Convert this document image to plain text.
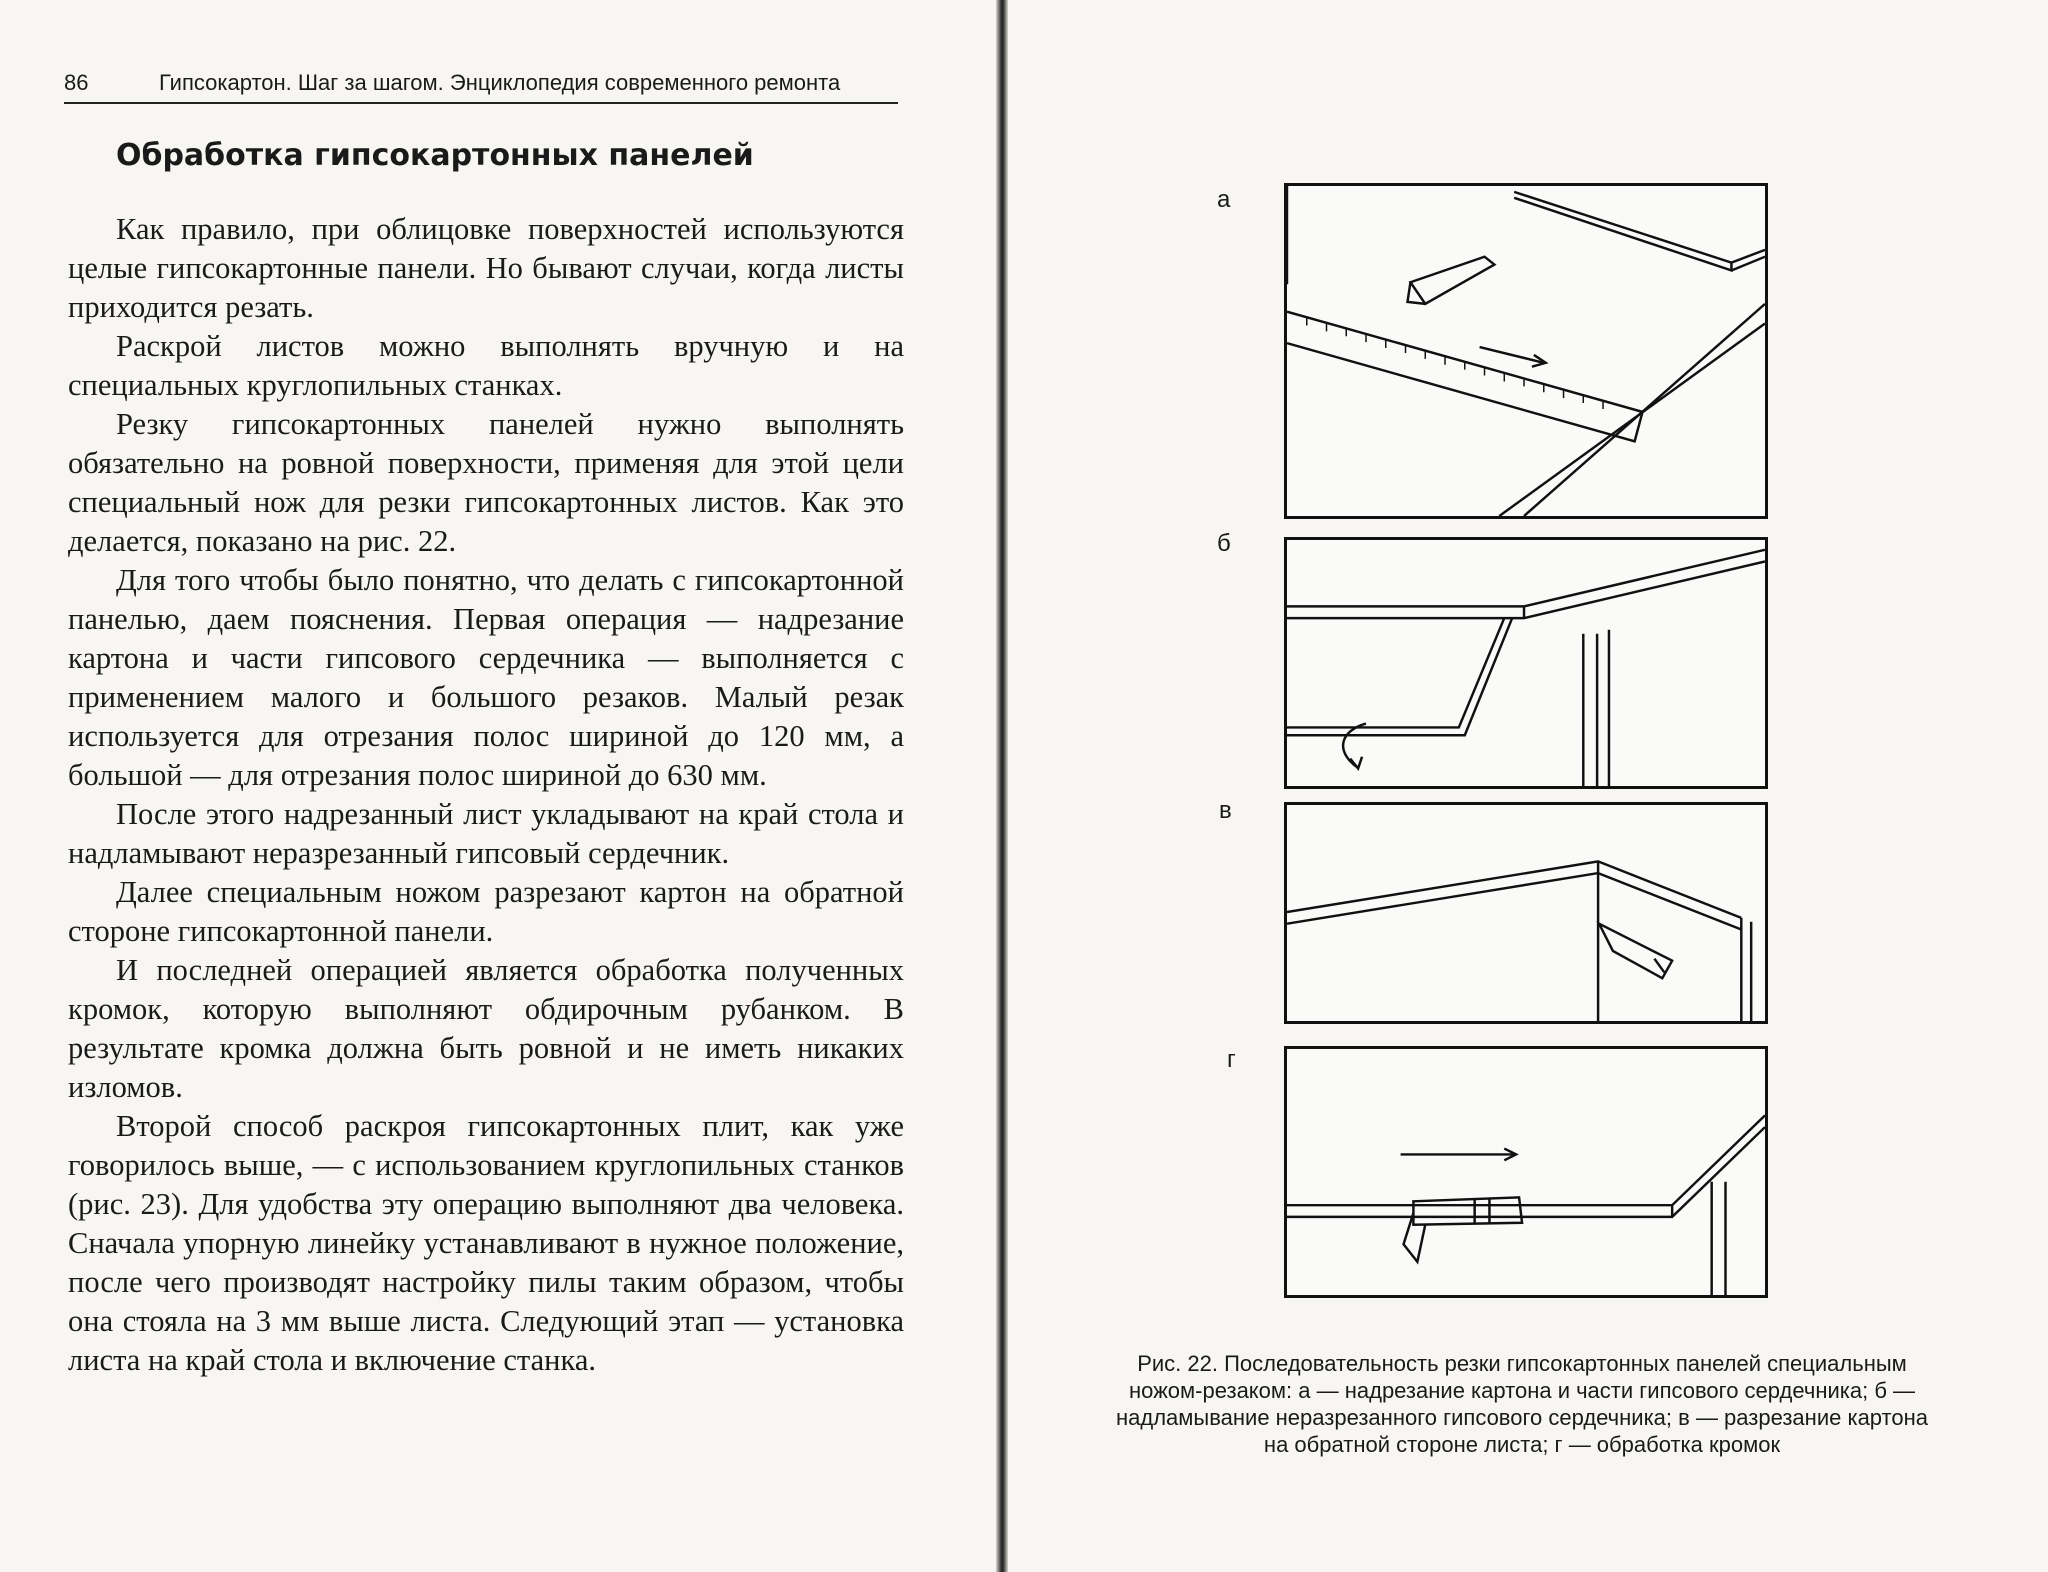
86	Гипсокартон. Шаг за шагом. Энциклопедия современного ремонта
Обработка гипсокартонных панелей

Как правило, при облицовке поверхностей используются целые гипсокартонные панели. Но бывают случаи, когда листы приходится резать.

Раскрой листов можно выполнять вручную и на специальных круглопильных станках.

Резку гипсокартонных панелей нужно выполнять обязательно на ровной поверхности, применяя для этой цели специальный нож для резки гипсокартонных листов. Как это делается, показано на рис. 22.

Для того чтобы было понятно, что делать с гипсокартонной панелью, даем пояснения. Первая операция — надрезание картона и части гипсового сердечника — выполняется с применением малого и большого резаков. Малый резак используется для отрезания полос шириной до 120 мм, а большой — для отрезания полос шириной до 630 мм.

После этого надрезанный лист укладывают на край стола и надламывают неразрезанный гипсовый сердечник.

Далее специальным ножом разрезают картон на обратной стороне гипсокартонной панели.

И последней операцией является обработка полученных кромок, которую выполняют обдирочным рубанком. В результате кромка должна быть ровной и не иметь никаких изломов.

Второй способ раскроя гипсокартонных плит, как уже говорилось выше, — с использованием круглопильных станков (рис. 23). Для удобства эту операцию выполняют два человека. Сначала упорную линейку устанавливают в нужное положение, после чего производят настройку пилы таким образом, чтобы она стояла на 3 мм выше листа. Следующий этап — установка листа на край стола и включение станка.

а
б
в
г
Рис. 22. Последовательность резки гипсокартонных панелей специальным ножом-резаком: а — надрезание картона и части гипсового сердечника; б — надламывание неразрезанного гипсового сердечника; в — разрезание картона на обратной стороне листа; г — обработка кромок
